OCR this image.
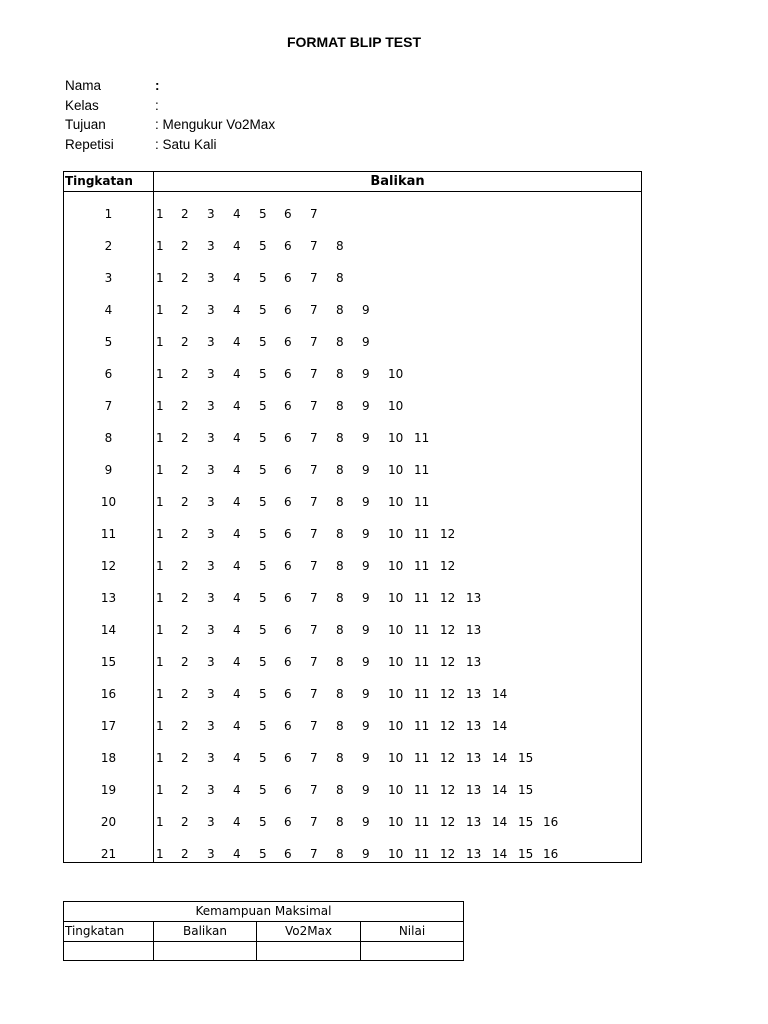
FORMAT BLIP TEST
Nama	:
Kelas	:
Tujuan	: Mengukur Vo2Max
Repetisi	: Satu Kali
Tingkatan	Balikan
1	1 2 3 4 5 6 7
2	1 2 3 4 5 6 7 8
3	1 2 3 4 5 6 7 8
4	1 2 3 4 5 6 7 8 9
5	1 2 3 4 5 6 7 8 9
6	1 2 3 4 5 6 7 8 9 10
7	1 2 3 4 5 6 7 8 9 10
8	1 2 3 4 5 6 7 8 9 10 11
9	1 2 3 4 5 6 7 8 9 10 11
10	1 2 3 4 5 6 7 8 9 10 11
11	1 2 3 4 5 6 7 8 9 10 11 12
12	1 2 3 4 5 6 7 8 9 10 11 12
13	1 2 3 4 5 6 7 8 9 10 11 12 13
14	1 2 3 4 5 6 7 8 9 10 11 12 13
15	1 2 3 4 5 6 7 8 9 10 11 12 13
16	1 2 3 4 5 6 7 8 9 10 11 12 13 14
17	1 2 3 4 5 6 7 8 9 10 11 12 13 14
18	1 2 3 4 5 6 7 8 9 10 11 12 13 14 15
19	1 2 3 4 5 6 7 8 9 10 11 12 13 14 15
20	1 2 3 4 5 6 7 8 9 10 11 12 13 14 15 16
21	1 2 3 4 5 6 7 8 9 10 11 12 13 14 15 16
Kemampuan Maksimal
Tingkatan	Balikan	Vo2Max	Nilai
